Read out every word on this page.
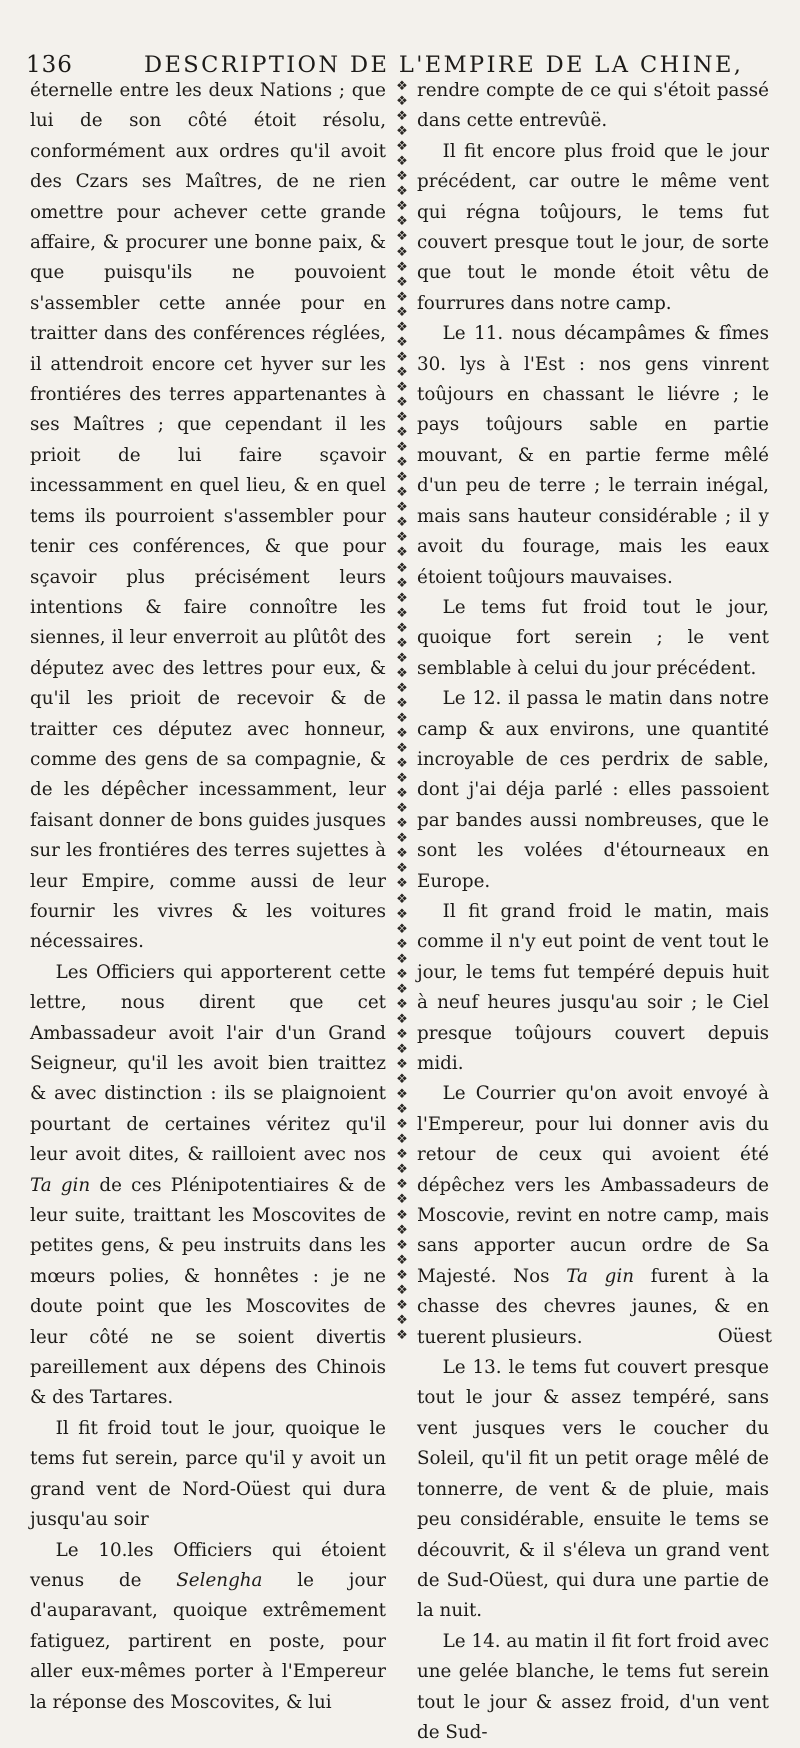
136	DESCRIPTION DE L'EMPIRE DE LA CHINE,

éternelle entre les deux Nations ; que lui de son côté étoit résolu, conformément aux ordres qu'il avoit des Czars ses Maîtres, de ne rien omettre pour achever cette grande affaire, & procurer une bonne paix, & que puisqu'ils ne pouvoient s'assembler cette année pour en traitter dans des conférences réglées, il attendroit encore cet hyver sur les frontiéres des terres appartenantes à ses Maîtres ; que cependant il les prioit de lui faire sçavoir incessamment en quel lieu, & en quel tems ils pourroient s'assembler pour tenir ces conférences, & que pour sçavoir plus précisément leurs intentions & faire connoître les siennes, il leur enverroit au plûtôt des députez avec des lettres pour eux, & qu'il les prioit de recevoir & de traitter ces députez avec honneur, comme des gens de sa compagnie, & de les dépêcher incessamment, leur faisant donner de bons guides jusques sur les frontiéres des terres sujettes à leur Empire, comme aussi de leur fournir les vivres & les voitures nécessaires.

Les Officiers qui apporterent cette lettre, nous dirent que cet Ambassadeur avoit l'air d'un Grand Seigneur, qu'il les avoit bien traittez & avec distinction : ils se plaignoient pourtant de certaines véritez qu'il leur avoit dites, & railloient avec nos Ta gin de ces Plénipotentiaires & de leur suite, traittant les Moscovites de petites gens, & peu instruits dans les mœurs polies, & honnêtes : je ne doute point que les Moscovites de leur côté ne se soient divertis pareillement aux dépens des Chinois & des Tartares.

Il fit froid tout le jour, quoique le tems fut serein, parce qu'il y avoit un grand vent de Nord-Oüest qui dura jusqu'au soir

Le 10.les Officiers qui étoient venus de Selengha le jour d'auparavant, quoique extrêmement fatiguez, partirent en poste, pour aller eux-mêmes porter à l'Empereur la réponse des Moscovites, & lui

❖
❖
❖
❖
❖
❖
❖
❖
❖
❖
❖
❖
❖
❖
❖
❖
❖
❖
❖
❖
❖
❖
❖
❖
❖
❖
❖
❖
❖
❖
❖
❖
❖
❖
❖
❖
❖
❖
❖
❖
❖
❖
❖
❖
❖
❖
❖
❖
❖
❖
❖
❖
❖
❖
❖
❖
❖
❖
❖
❖
❖
❖
❖
❖
❖
❖
❖
❖
❖
❖
❖
❖
❖
❖
❖
❖
❖
❖
❖
❖
❖
❖
❖
❖

rendre compte de ce qui s'étoit passé dans cette entrevûë.

Il fit encore plus froid que le jour précédent, car outre le même vent qui régna toûjours, le tems fut couvert presque tout le jour, de sorte que tout le monde étoit vêtu de fourrures dans notre camp.

Le 11. nous décampâmes & fîmes 30. lys à l'Est : nos gens vinrent toûjours en chassant le liévre ; le pays toûjours sable en partie mouvant, & en partie ferme mêlé d'un peu de terre ; le terrain inégal, mais sans hauteur considérable ; il y avoit du fourage, mais les eaux étoient toûjours mauvaises.

Le tems fut froid tout le jour, quoique fort serein ; le vent semblable à celui du jour précédent.

Le 12. il passa le matin dans notre camp & aux environs, une quantité incroyable de ces perdrix de sable, dont j'ai déja parlé : elles passoient par bandes aussi nombreuses, que le sont les volées d'étourneaux en Europe.

Il fit grand froid le matin, mais comme il n'y eut point de vent tout le jour, le tems fut tempéré depuis huit à neuf heures jusqu'au soir ; le Ciel presque toûjours couvert depuis midi.

Le Courrier qu'on avoit envoyé à l'Empereur, pour lui donner avis du retour de ceux qui avoient été dépêchez vers les Ambassadeurs de Moscovie, revint en notre camp, mais sans apporter aucun ordre de Sa Majesté. Nos Ta gin furent à la chasse des chevres jaunes, & en tuerent plusieurs.

Le 13. le tems fut couvert presque tout le jour & assez tempéré, sans vent jusques vers le coucher du Soleil, qu'il fit un petit orage mêlé de tonnerre, de vent & de pluie, mais peu considérable, ensuite le tems se découvrit, & il s'éleva un grand vent de Sud-Oüest, qui dura une partie de la nuit.

Le 14. au matin il fit fort froid avec une gelée blanche, le tems fut serein tout le jour & assez froid, d'un vent de Sud-

Oüest
